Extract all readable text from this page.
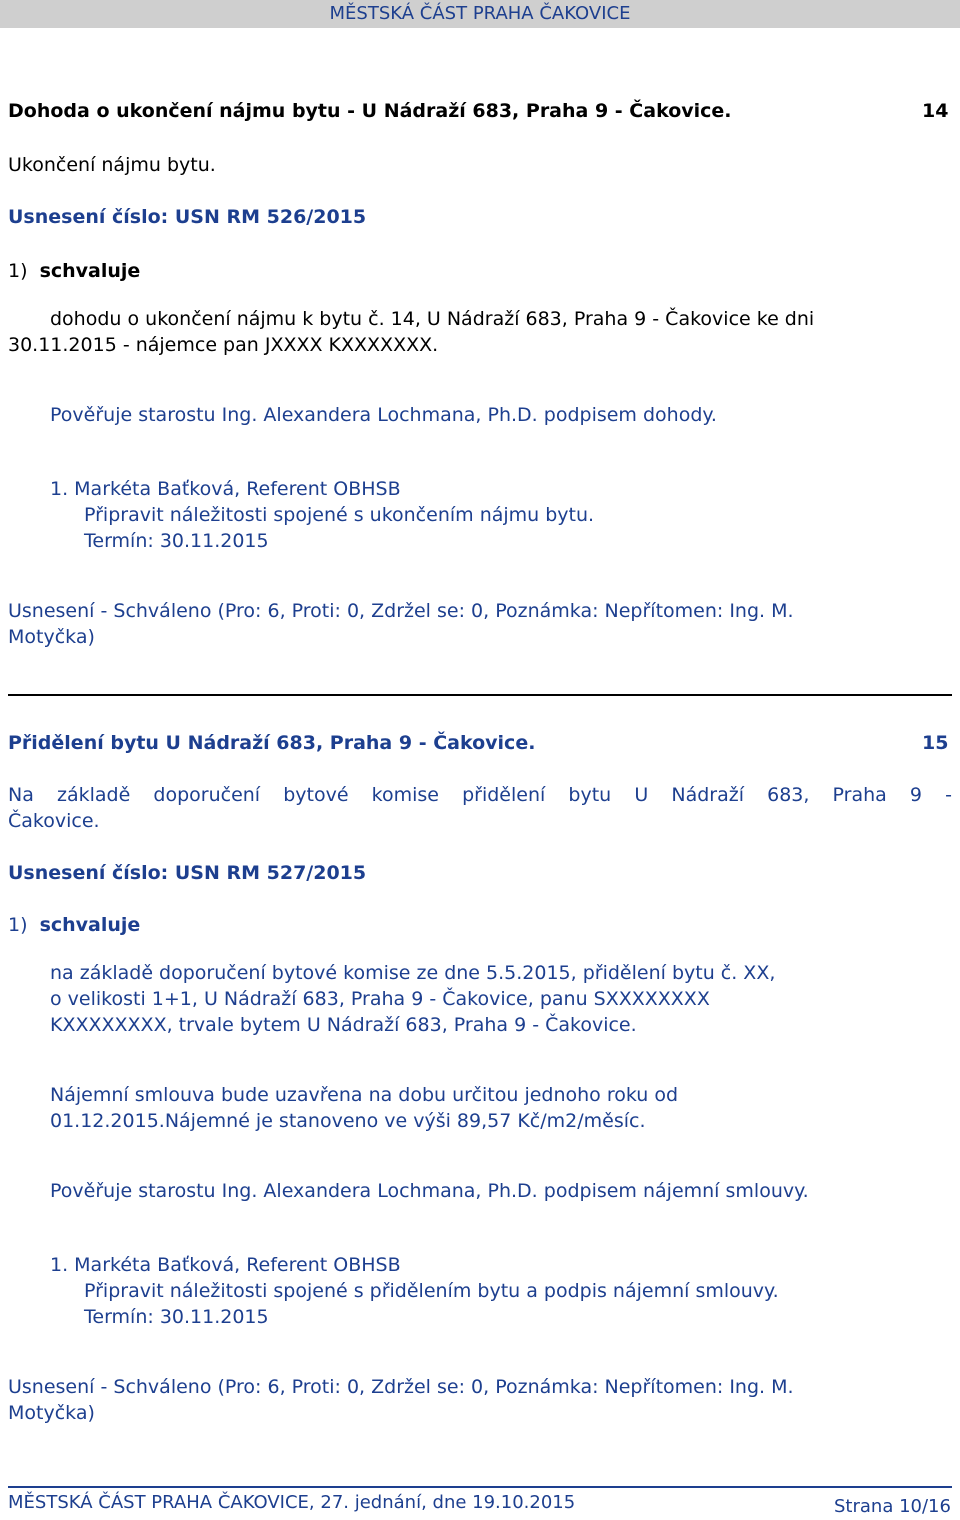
MĚSTSKÁ ČÁST PRAHA ČAKOVICE
Dohoda o ukončení nájmu bytu - U Nádraží 683, Praha 9 - Čakovice.	14
Ukončení nájmu bytu.
Usnesení číslo: USN RM 526/2015
1) schvaluje
dohodu o ukončení nájmu k bytu č. 14, U Nádraží 683, Praha 9 - Čakovice ke dni
30.11.2015 - nájemce pan JXXXX KXXXXXXX.
Pověřuje starostu Ing. Alexandera Lochmana, Ph.D. podpisem dohody.
1. Markéta Baťková, Referent OBHSB
Připravit náležitosti spojené s ukončením nájmu bytu.
Termín: 30.11.2015
Usnesení - Schváleno (Pro: 6, Proti: 0, Zdržel se: 0, Poznámka: Nepřítomen: Ing. M.
Motyčka)
Přidělení bytu U Nádraží 683, Praha 9 - Čakovice.	15
Na základě doporučení bytové komise přidělení bytu U Nádraží 683, Praha 9 -
Čakovice.
Usnesení číslo: USN RM 527/2015
1) schvaluje
na základě doporučení bytové komise ze dne 5.5.2015, přidělení bytu č. XX,
o velikosti 1+1, U Nádraží 683, Praha 9 - Čakovice, panu SXXXXXXXX
KXXXXXXXX, trvale bytem U Nádraží 683, Praha 9 - Čakovice.
Nájemní smlouva bude uzavřena na dobu určitou jednoho roku od
01.12.2015.Nájemné je stanoveno ve výši 89,57 Kč/m2/měsíc.
Pověřuje starostu Ing. Alexandera Lochmana, Ph.D. podpisem nájemní smlouvy.
1. Markéta Baťková, Referent OBHSB
Připravit náležitosti spojené s přidělením bytu a podpis nájemní smlouvy.
Termín: 30.11.2015
Usnesení - Schváleno (Pro: 6, Proti: 0, Zdržel se: 0, Poznámka: Nepřítomen: Ing. M.
Motyčka)
MĚSTSKÁ ČÁST PRAHA ČAKOVICE, 27. jednání, dne 19.10.2015	Strana 10/16
